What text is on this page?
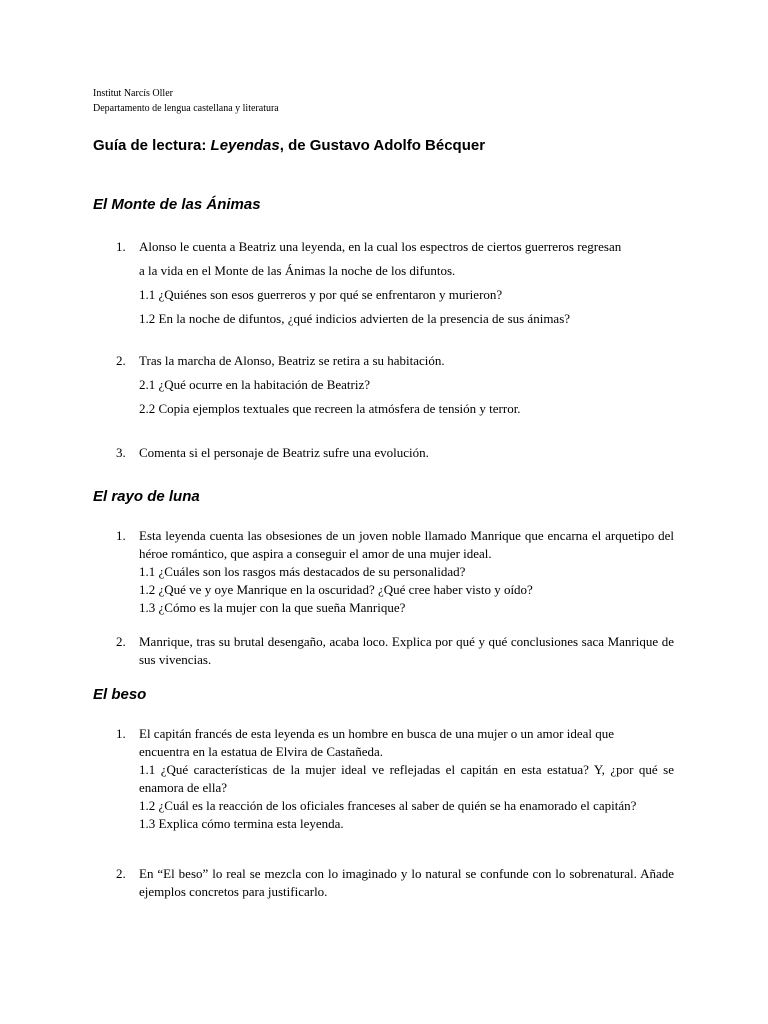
Institut Narcís Oller
Departamento de lengua castellana y literatura
Guía de lectura: Leyendas, de Gustavo Adolfo Bécquer
El Monte de las Ánimas
1. Alonso le cuenta a Beatriz una leyenda, en la cual los espectros de ciertos guerreros regresan
a la vida en el Monte de las Ánimas la noche de los difuntos.
1.1 ¿Quiénes son esos guerreros y por qué se enfrentaron y murieron?
1.2 En la noche de difuntos, ¿qué indicios advierten de la presencia de sus ánimas?
2. Tras la marcha de Alonso, Beatriz se retira a su habitación.
2.1 ¿Qué ocurre en la habitación de Beatriz?
2.2 Copia ejemplos textuales que recreen la atmósfera de tensión y terror.
3. Comenta si el personaje de Beatriz sufre una evolución.
El rayo de luna
1. Esta leyenda cuenta las obsesiones de un joven noble llamado Manrique que encarna el arquetipo del héroe romántico, que aspira a conseguir el amor de una mujer ideal.
1.1 ¿Cuáles son los rasgos más destacados de su personalidad?
1.2 ¿Qué ve y oye Manrique en la oscuridad? ¿Qué cree haber visto y oído?
1.3 ¿Cómo es la mujer con la que sueña Manrique?
2. Manrique, tras su brutal desengaño, acaba loco. Explica por qué y qué conclusiones saca Manrique de sus vivencias.
El beso
1. El capitán francés de esta leyenda es un hombre en busca de una mujer o un amor ideal que
encuentra en la estatua de Elvira de Castañeda.
1.1 ¿Qué características de la mujer ideal ve reflejadas el capitán en esta estatua? Y, ¿por qué se enamora de ella?
1.2 ¿Cuál es la reacción de los oficiales franceses al saber de quién se ha enamorado el capitán?
1.3 Explica cómo termina esta leyenda.
2. En “El beso” lo real se mezcla con lo imaginado y lo natural se confunde con lo sobrenatural. Añade ejemplos concretos para justificarlo.
